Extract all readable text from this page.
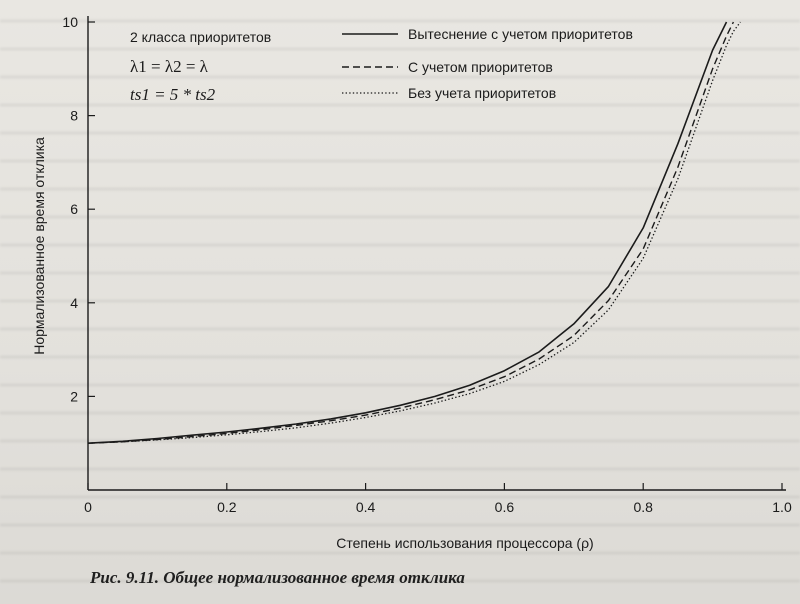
0	0.2	0.4	0.6	0.8	1.0
2
4
6
8
10
Степень использования процессора (ρ)
Нормализованное время отклика
2 класса приоритетов
λ1 = λ2 = λ
ts1 = 5 * ts2
Вытеснение с учетом приоритетов
С учетом приоритетов
Без учета приоритетов
Рис. 9.11. Общее нормализованное время отклика
